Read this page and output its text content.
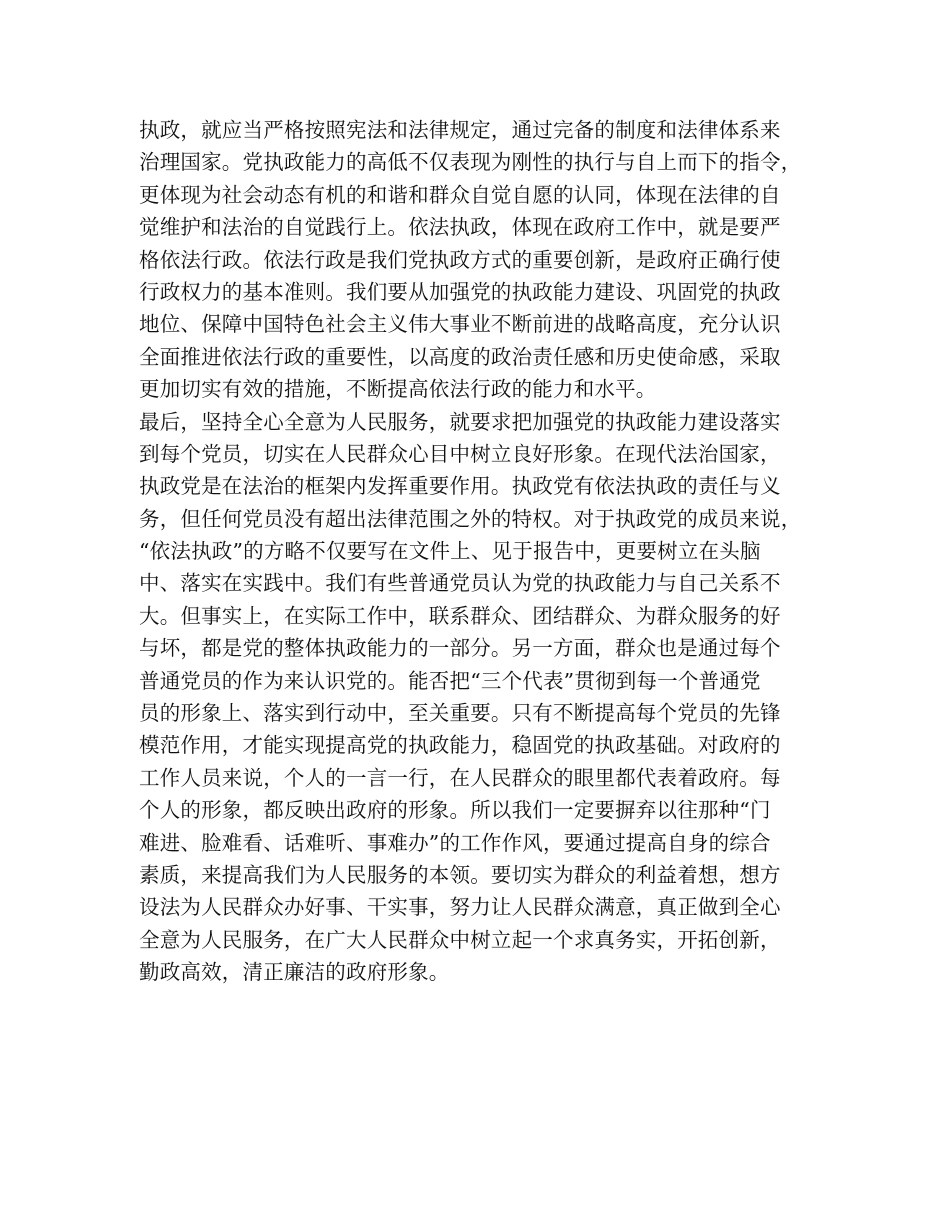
执政，就应当严格按照宪法和法律规定，通过完备的制度和法律体系来
治理国家。党执政能力的高低不仅表现为刚性的执行与自上而下的指令，
更体现为社会动态有机的和谐和群众自觉自愿的认同，体现在法律的自
觉维护和法治的自觉践行上。依法执政，体现在政府工作中，就是要严
格依法行政。依法行政是我们党执政方式的重要创新，是政府正确行使
行政权力的基本准则。我们要从加强党的执政能力建设、巩固党的执政
地位、保障中国特色社会主义伟大事业不断前进的战略高度，充分认识
全面推进依法行政的重要性，以高度的政治责任感和历史使命感，采取
更加切实有效的措施，不断提高依法行政的能力和水平。
最后，坚持全心全意为人民服务，就要求把加强党的执政能力建设落实
到每个党员，切实在人民群众心目中树立良好形象。在现代法治国家，
执政党是在法治的框架内发挥重要作用。执政党有依法执政的责任与义
务，但任何党员没有超出法律范围之外的特权。对于执政党的成员来说，
“依法执政”的方略不仅要写在文件上、见于报告中，更要树立在头脑
中、落实在实践中。我们有些普通党员认为党的执政能力与自己关系不
大。但事实上，在实际工作中，联系群众、团结群众、为群众服务的好
与坏，都是党的整体执政能力的一部分。另一方面，群众也是通过每个
普通党员的作为来认识党的。能否把“三个代表”贯彻到每一个普通党
员的形象上、落实到行动中，至关重要。只有不断提高每个党员的先锋
模范作用，才能实现提高党的执政能力，稳固党的执政基础。对政府的
工作人员来说，个人的一言一行，在人民群众的眼里都代表着政府。每
个人的形象，都反映出政府的形象。所以我们一定要摒弃以往那种“门
难进、脸难看、话难听、事难办”的工作作风，要通过提高自身的综合
素质，来提高我们为人民服务的本领。要切实为群众的利益着想，想方
设法为人民群众办好事、干实事，努力让人民群众满意，真正做到全心
全意为人民服务，在广大人民群众中树立起一个求真务实，开拓创新，
勤政高效，清正廉洁的政府形象。
